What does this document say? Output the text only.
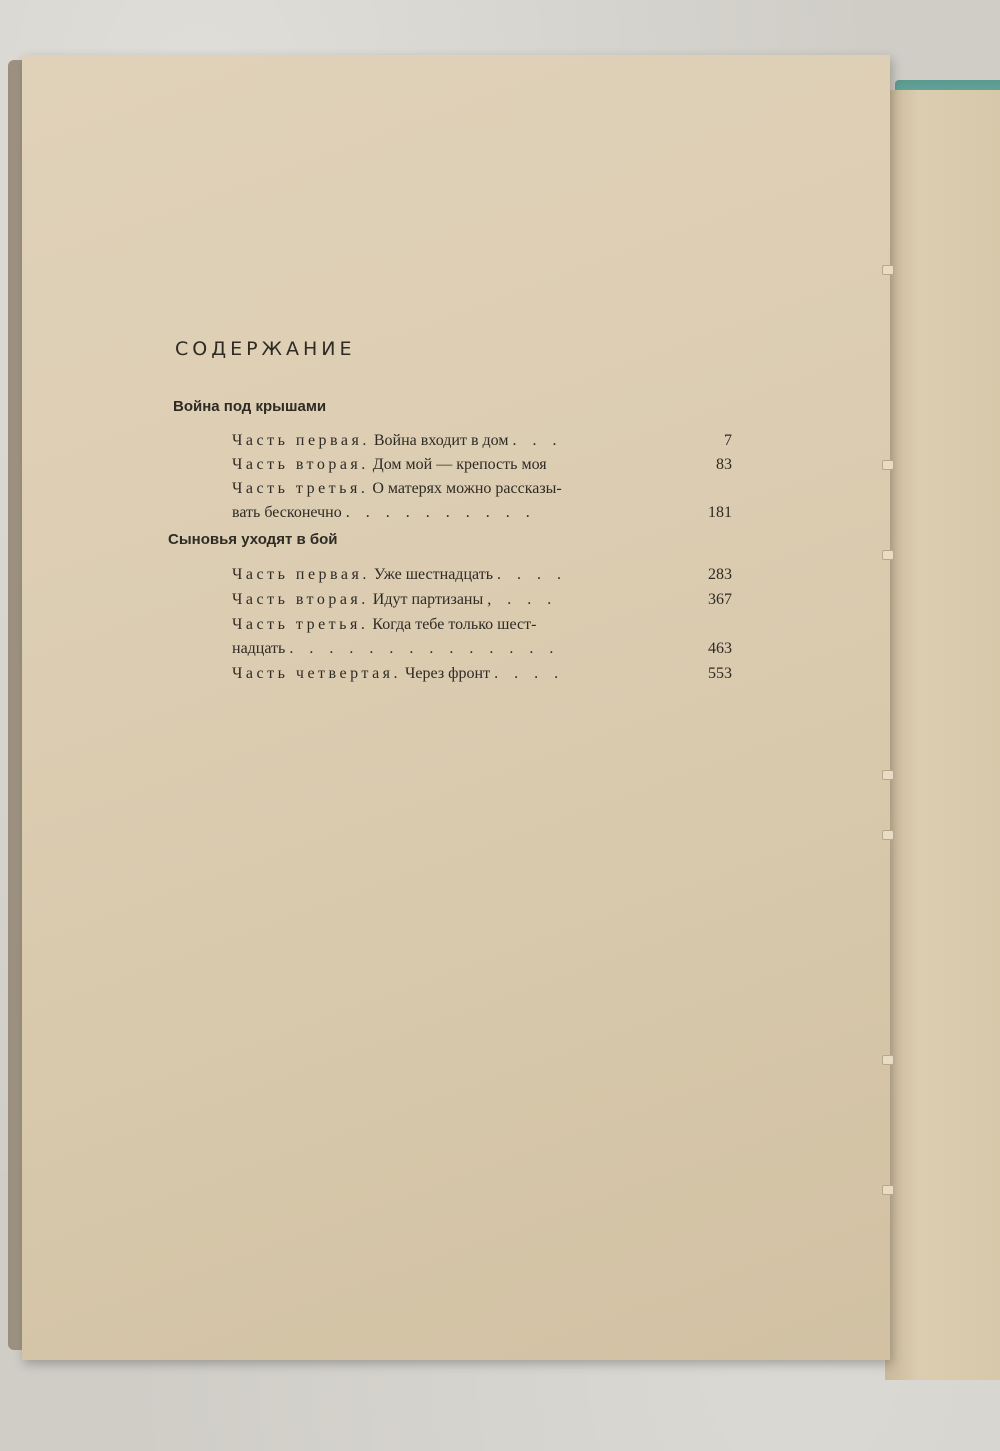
СОДЕРЖАНИЕ
Война под крышами
Часть первая. Война входит в дом . . .	7
Часть вторая. Дом мой — крепость моя	83
Часть третья. О матерях можно рассказы-
вать бесконечно . . . . . . . . . .	181
Сыновья уходят в бой
Часть первая. Уже шестнадцать . . . .	283
Часть вторая. Идут партизаны , . . .	367
Часть третья. Когда тебе только шест-
надцать . . . . . . . . . . . . . .	463
Часть четвертая. Через фронт . . . .	553
